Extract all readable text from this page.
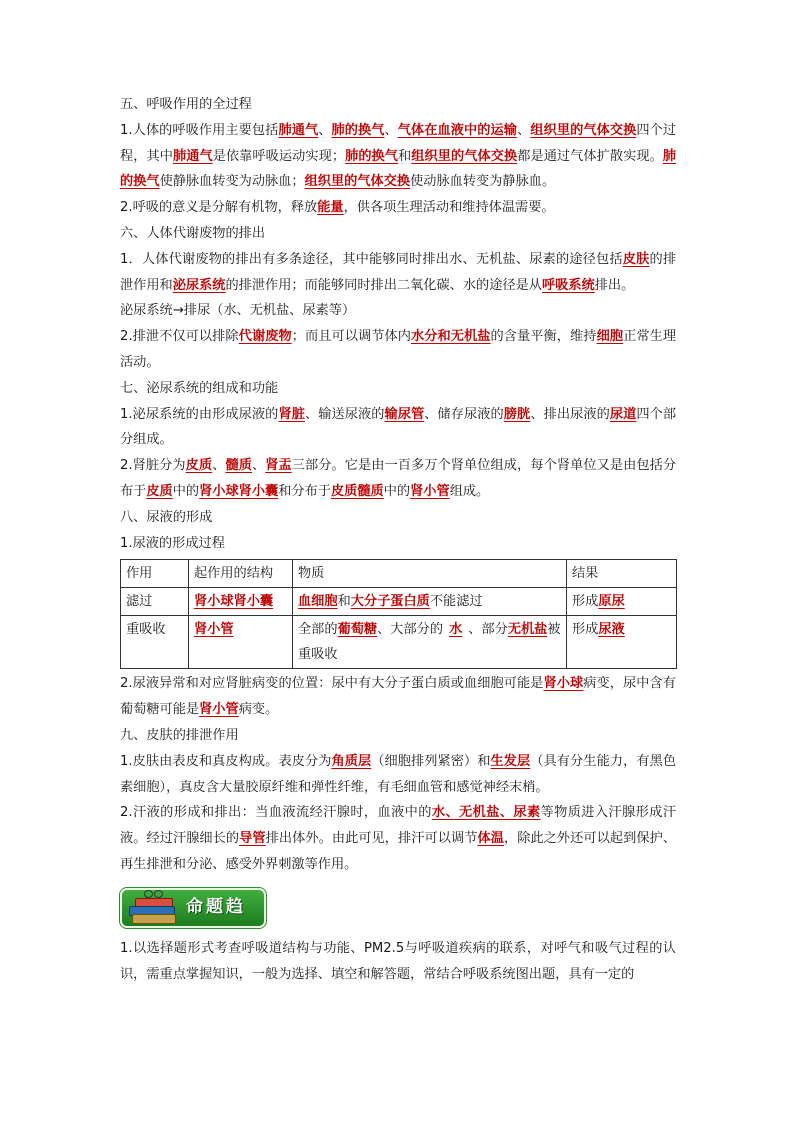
五、呼吸作用的全过程

1.人体的呼吸作用主要包括肺通气、肺的换气、气体在血液中的运输、组织里的气体交换四个过程，其中肺通气是依靠呼吸运动实现；肺的换气和组织里的气体交换都是通过气体扩散实现。肺的换气使静脉血转变为动脉血；组织里的气体交换使动脉血转变为静脉血。

2.呼吸的意义是分解有机物，释放能量，供各项生理活动和维持体温需要。

六、人体代谢废物的排出

1．人体代谢废物的排出有多条途径，其中能够同时排出水、无机盐、尿素的途径包括皮肤的排泄作用和泌尿系统的排泄作用；而能够同时排出二氧化碳、水的途径是从呼吸系统排出。

泌尿系统→排尿（水、无机盐、尿素等）

2.排泄不仅可以排除代谢废物；而且可以调节体内水分和无机盐的含量平衡，维持细胞正常生理活动。

七、泌尿系统的组成和功能

1.泌尿系统的由形成尿液的肾脏、输送尿液的输尿管、储存尿液的膀胱、排出尿液的尿道四个部分组成。

2.肾脏分为皮质、髓质、肾盂三部分。它是由一百多万个肾单位组成，每个肾单位又是由包括分布于皮质中的肾小球肾小囊和分布于皮质髓质中的肾小管组成。

八、尿液的形成

1.尿液的形成过程

作用	起作用的结构	物质	结果
滤过	肾小球肾小囊	血细胞和大分子蛋白质不能滤过	形成原尿
重吸收	肾小管	全部的葡萄糖、大部分的 水 、部分无机盐被重吸收	形成尿液

2.尿液异常和对应肾脏病变的位置：尿中有大分子蛋白质或血细胞可能是肾小球病变，尿中含有葡萄糖可能是肾小管病变。

九、皮肤的排泄作用

1.皮肤由表皮和真皮构成。表皮分为角质层（细胞排列紧密）和生发层（具有分生能力，有黑色素细胞），真皮含大量胶原纤维和弹性纤维，有毛细血管和感觉神经末梢。

2.汗液的形成和排出：当血液流经汗腺时，血液中的水、无机盐、尿素等物质进入汗腺形成汗液。经过汗腺细长的导管排出体外。由此可见，排汗可以调节体温，除此之外还可以起到保护、再生排泄和分泌、感受外界刺激等作用。

命题趋

1.以选择题形式考查呼吸道结构与功能、PM2.5与呼吸道疾病的联系，对呼气和吸气过程的认识，需重点掌握知识，一般为选择、填空和解答题，常结合呼吸系统图出题，具有一定的
